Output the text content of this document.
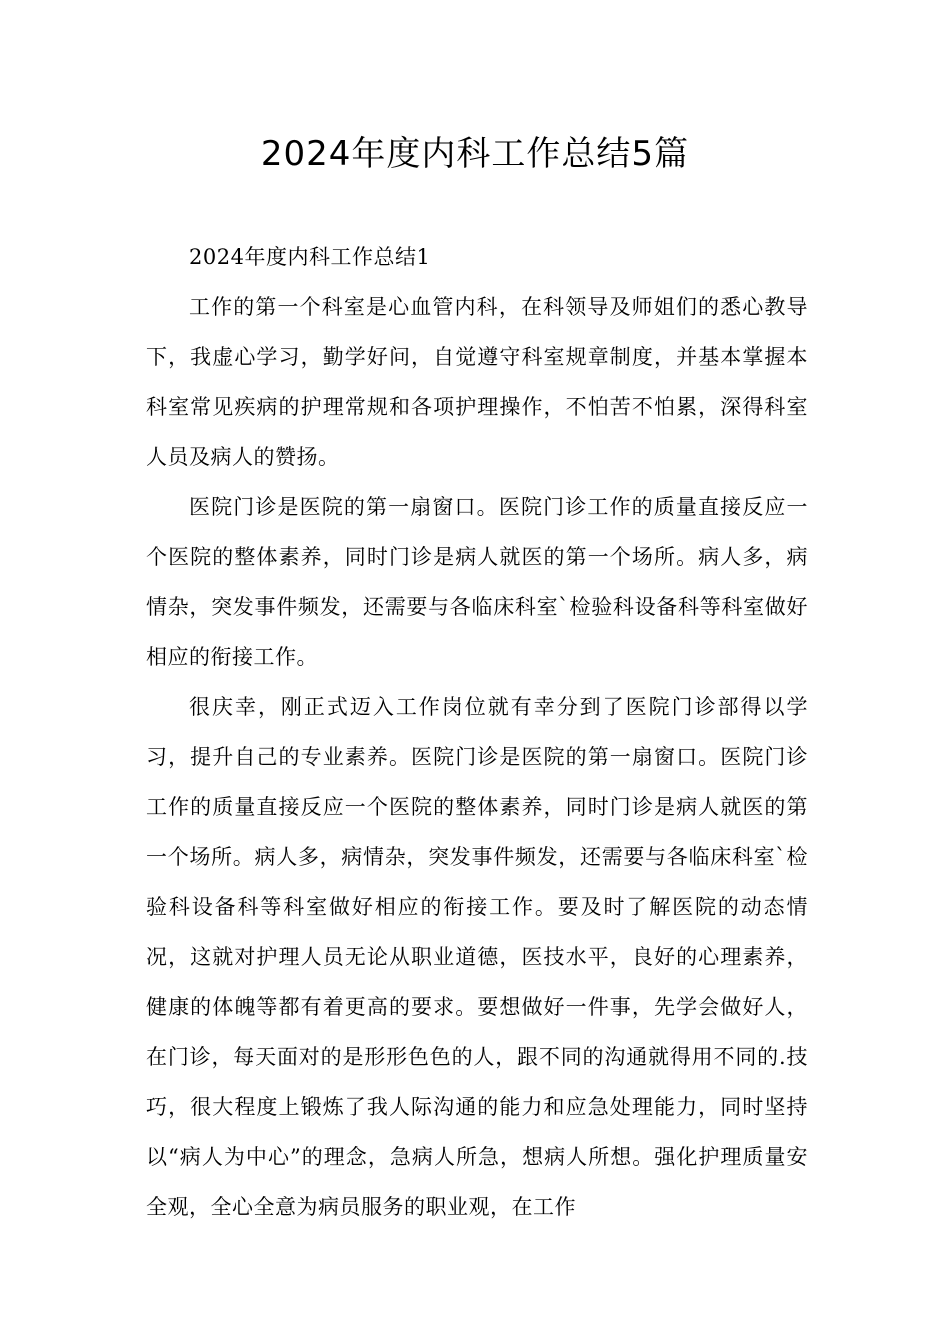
2024年度内科工作总结5篇

2024年度内科工作总结1

工作的第一个科室是心血管内科，在科领导及师姐们的悉心教导下，我虚心学习，勤学好问，自觉遵守科室规章制度，并基本掌握本科室常见疾病的护理常规和各项护理操作，不怕苦不怕累，深得科室人员及病人的赞扬。

医院门诊是医院的第一扇窗口。医院门诊工作的质量直接反应一个医院的整体素养，同时门诊是病人就医的第一个场所。病人多，病情杂，突发事件频发，还需要与各临床科室`检验科设备科等科室做好相应的衔接工作。

很庆幸，刚正式迈入工作岗位就有幸分到了医院门诊部得以学习，提升自己的专业素养。医院门诊是医院的第一扇窗口。医院门诊工作的质量直接反应一个医院的整体素养，同时门诊是病人就医的第一个场所。病人多，病情杂，突发事件频发，还需要与各临床科室`检验科设备科等科室做好相应的衔接工作。要及时了解医院的动态情况，这就对护理人员无论从职业道德，医技水平，良好的心理素养，健康的体魄等都有着更高的要求。要想做好一件事，先学会做好人，在门诊，每天面对的是形形色色的人，跟不同的沟通就得用不同的.技巧，很大程度上锻炼了我人际沟通的能力和应急处理能力，同时坚持以“病人为中心”的理念，急病人所急，想病人所想。强化护理质量安全观，全心全意为病员服务的职业观，在工作
